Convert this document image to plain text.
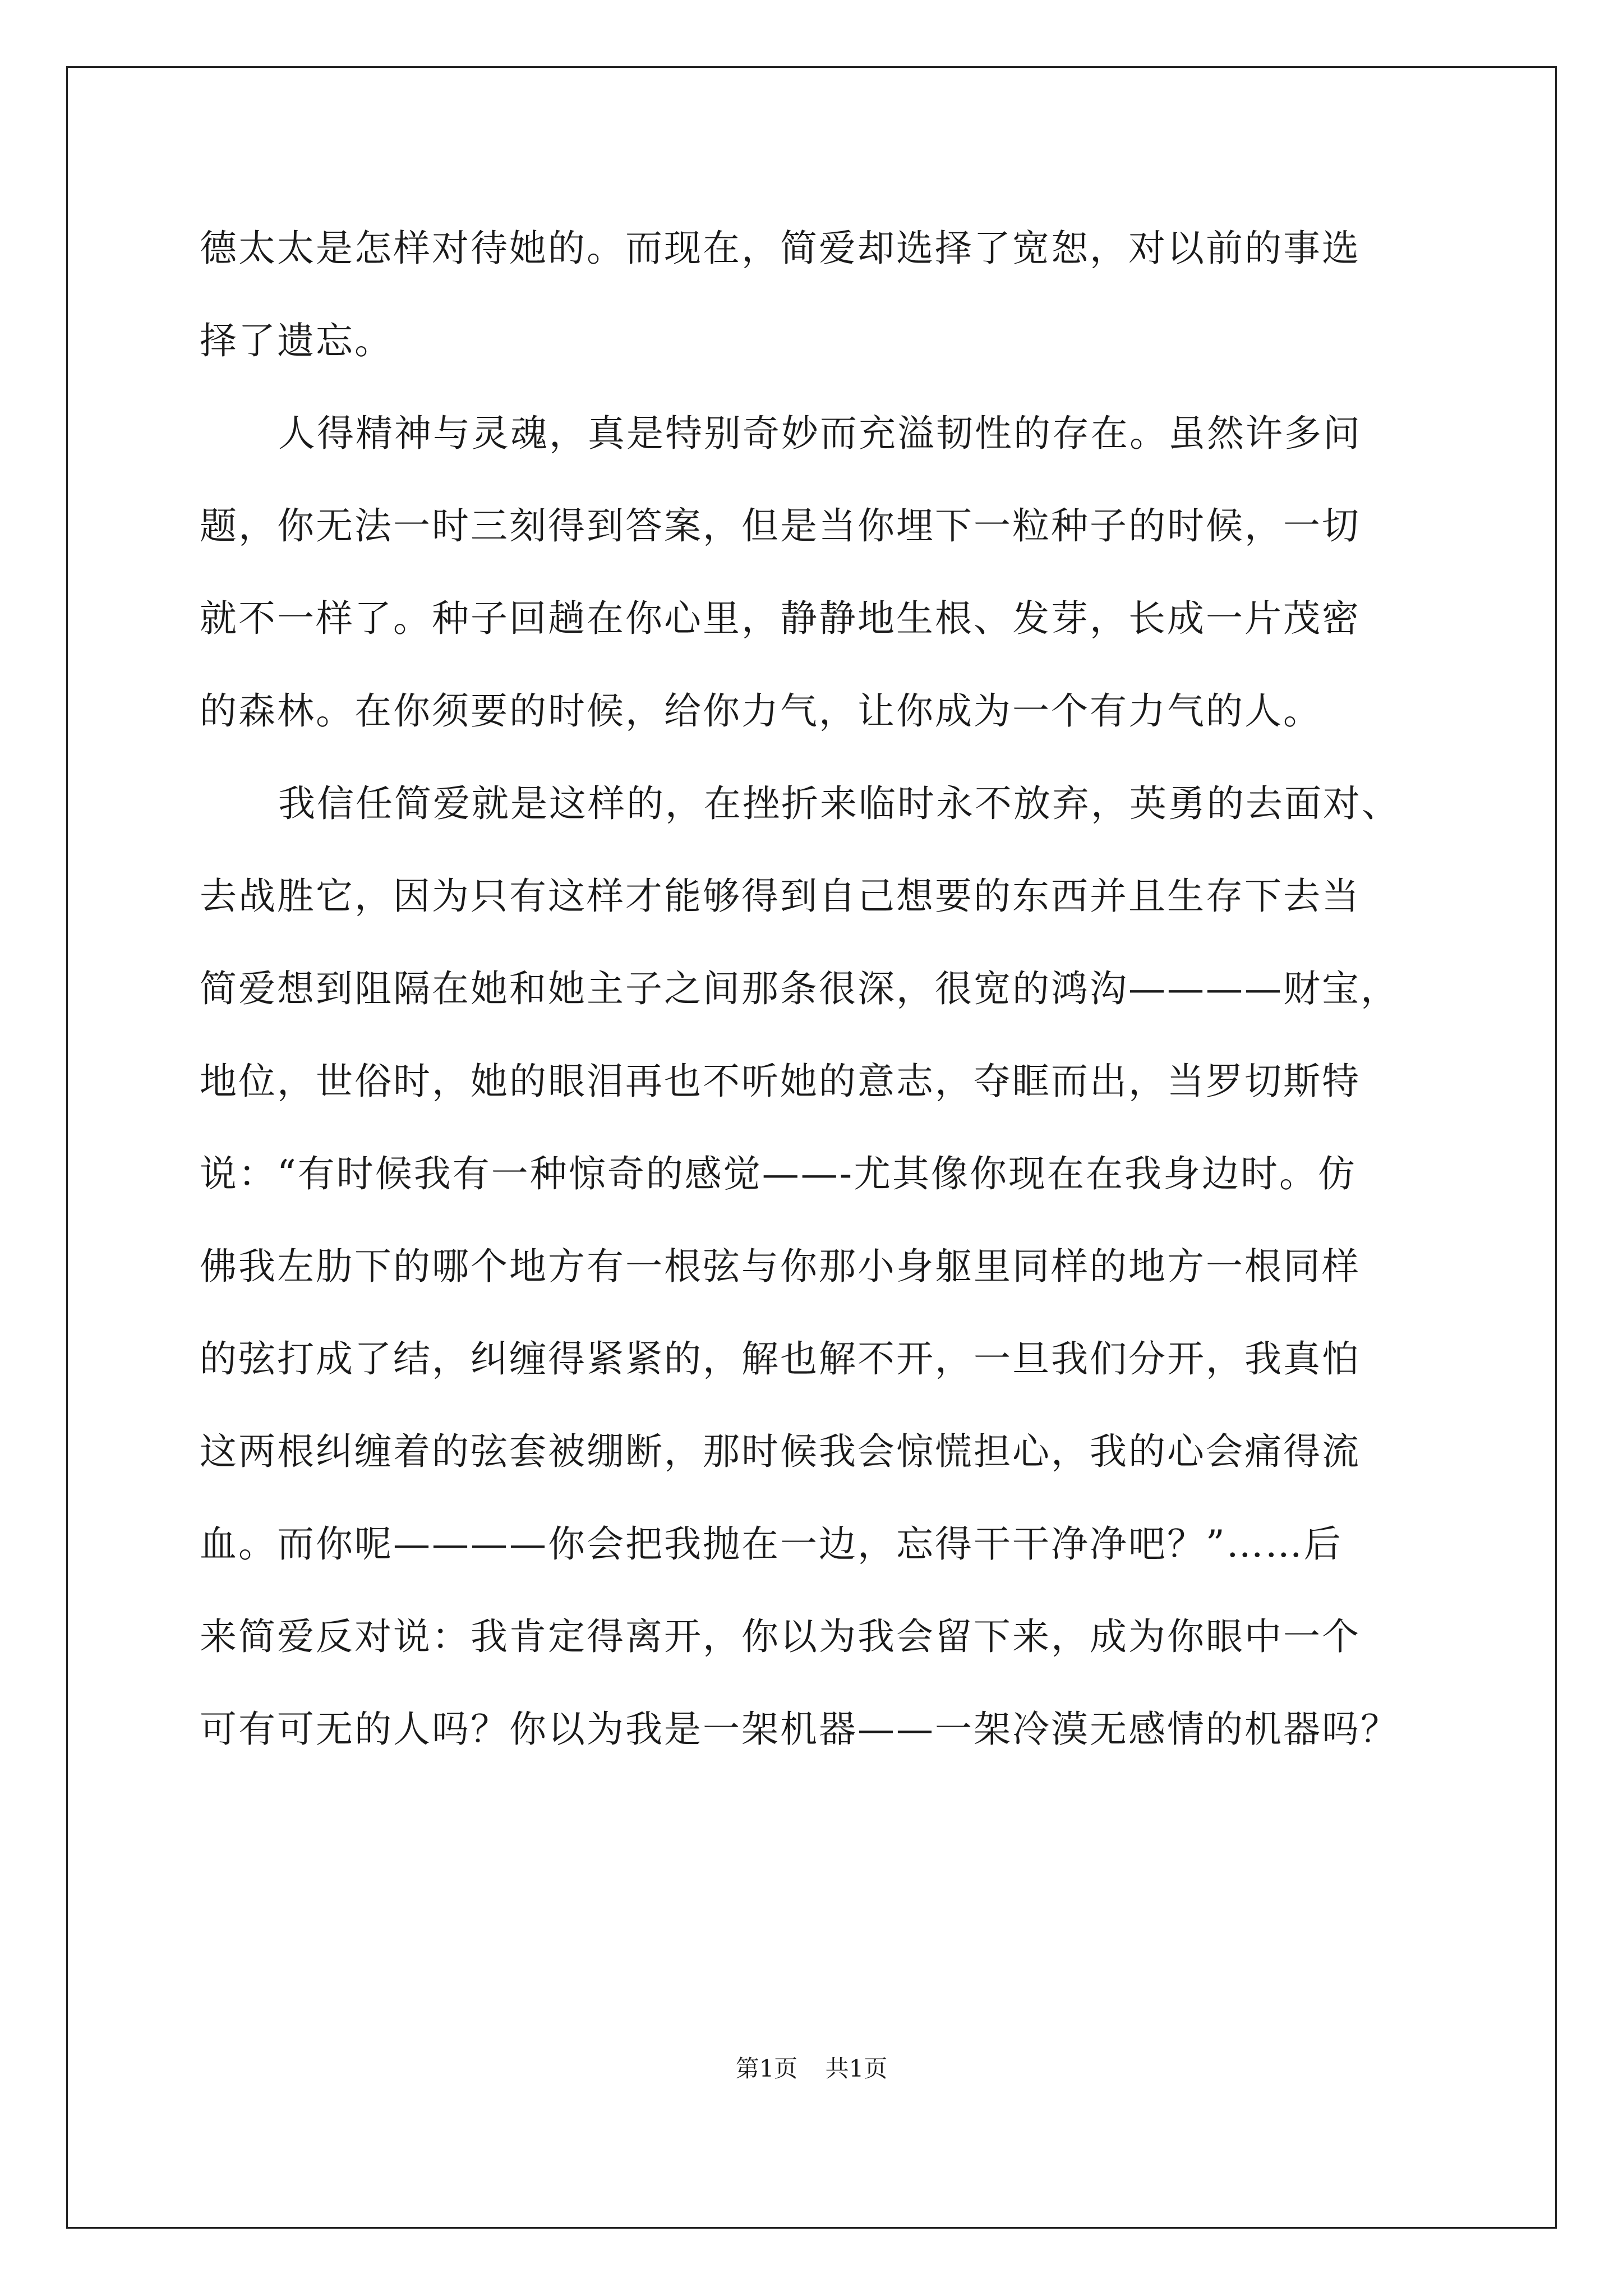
德太太是怎样对待她的。而现在，简爱却选择了宽恕，对以前的事选
择了遗忘。
人得精神与灵魂，真是特别奇妙而充溢韧性的存在。虽然许多问
题，你无法一时三刻得到答案，但是当你埋下一粒种子的时候，一切
就不一样了。种子回趟在你心里，静静地生根、发芽，长成一片茂密
的森林。在你须要的时候，给你力气，让你成为一个有力气的人。
我信任简爱就是这样的，在挫折来临时永不放弃，英勇的去面对、
去战胜它，因为只有这样才能够得到自己想要的东西并且生存下去当
简爱想到阻隔在她和她主子之间那条很深，很宽的鸿沟————财宝，
地位，世俗时，她的眼泪再也不听她的意志，夺眶而出，当罗切斯特
说：“有时候我有一种惊奇的感觉——-尤其像你现在在我身边时。仿
佛我左肋下的哪个地方有一根弦与你那小身躯里同样的地方一根同样
的弦打成了结，纠缠得紧紧的，解也解不开，一旦我们分开，我真怕
这两根纠缠着的弦套被绷断，那时候我会惊慌担心，我的心会痛得流
血。而你呢————你会把我抛在一边，忘得干干净净吧？”……后
来简爱反对说：我肯定得离开，你以为我会留下来，成为你眼中一个
可有可无的人吗？你以为我是一架机器——一架冷漠无感情的机器吗？
第1页 共1页
